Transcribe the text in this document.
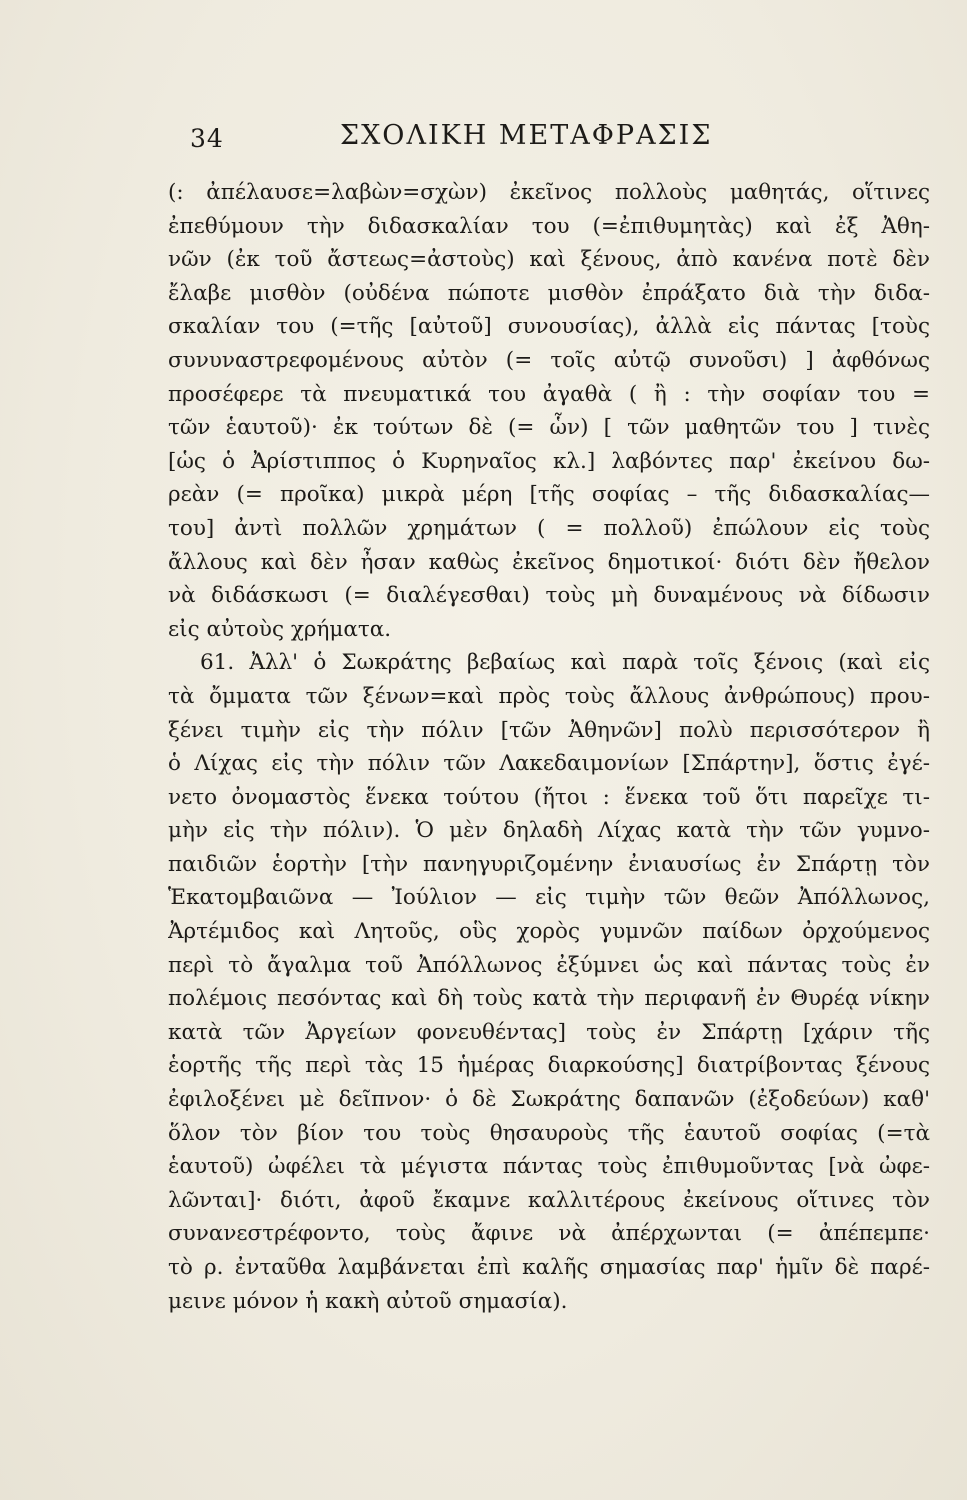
34	ΣΧΟΛΙΚΗ ΜΕΤΑΦΡΑΣΙΣ
(: ἀπέλαυσε=λαβὼν=σχὼν) ἐκεῖνος πολλοὺς μαθητάς, οἵτινες
ἐπεθύμουν τὴν διδασκαλίαν του (=ἐπιθυμητὰς) καὶ ἐξ Ἀθη-
νῶν (ἐκ τοῦ ἄστεως=ἀστοὺς) καὶ ξένους, ἀπὸ κανένα ποτὲ δὲν
ἔλαβε μισθὸν (οὐδένα πώποτε μισθὸν ἐπράξατο διὰ τὴν διδα-
σκαλίαν του (=τῆς [αὐτοῦ] συνουσίας), ἀλλὰ εἰς πάντας [τοὺς
συνυναστρεφομένους αὐτὸν (= τοῖς αὐτῷ συνοῦσι) ] ἀφθόνως
προσέφερε τὰ πνευματικά του ἀγαθὰ ( ἢ : τὴν σοφίαν του =
τῶν ἑαυτοῦ)· ἐκ τούτων δὲ (= ὧν) [ τῶν μαθητῶν του ] τινὲς
[ὡς ὁ Ἀρίστιππος ὁ Κυρηναῖος κλ.] λαβόντες παρ' ἐκείνου δω-
ρεὰν (= προῖκα) μικρὰ μέρη [τῆς σοφίας – τῆς διδασκαλίας—
του] ἀντὶ πολλῶν χρημάτων ( = πολλοῦ) ἐπώλουν εἰς τοὺς
ἄλλους καὶ δὲν ἦσαν καθὼς ἐκεῖνος δημοτικοί· διότι δὲν ἤθελον
νὰ διδάσκωσι (= διαλέγεσθαι) τοὺς μὴ δυναμένους νὰ δίδωσιν
εἰς αὐτοὺς χρήματα.
61. Ἀλλ' ὁ Σωκράτης βεβαίως καὶ παρὰ τοῖς ξένοις (καὶ εἰς
τὰ ὄμματα τῶν ξένων=καὶ πρὸς τοὺς ἄλλους ἀνθρώπους) πρου-
ξένει τιμὴν εἰς τὴν πόλιν [τῶν Ἀθηνῶν] πολὺ περισσότερον ἢ
ὁ Λίχας εἰς τὴν πόλιν τῶν Λακεδαιμονίων [Σπάρτην], ὅστις ἐγέ-
νετο ὀνομαστὸς ἕνεκα τούτου (ἤτοι : ἕνεκα τοῦ ὅτι παρεῖχε τι-
μὴν εἰς τὴν πόλιν). Ὁ μὲν δηλαδὴ Λίχας κατὰ τὴν τῶν γυμνο-
παιδιῶν ἑορτὴν [τὴν πανηγυριζομένην ἐνιαυσίως ἐν Σπάρτῃ τὸν
Ἑκατομβαιῶνα — Ἰούλιον — εἰς τιμὴν τῶν θεῶν Ἀπόλλωνος,
Ἀρτέμιδος καὶ Λητοῦς, οὓς χορὸς γυμνῶν παίδων ὀρχούμενος
περὶ τὸ ἄγαλμα τοῦ Ἀπόλλωνος ἐξύμνει ὡς καὶ πάντας τοὺς ἐν
πολέμοις πεσόντας καὶ δὴ τοὺς κατὰ τὴν περιφανῆ ἐν Θυρέᾳ νίκην
κατὰ τῶν Ἀργείων φονευθέντας] τοὺς ἐν Σπάρτῃ [χάριν τῆς
ἑορτῆς τῆς περὶ τὰς 15 ἡμέρας διαρκούσης] διατρίβοντας ξένους
ἐφιλοξένει μὲ δεῖπνον· ὁ δὲ Σωκράτης δαπανῶν (ἐξοδεύων) καθ'
ὅλον τὸν βίον του τοὺς θησαυροὺς τῆς ἑαυτοῦ σοφίας (=τὰ
ἑαυτοῦ) ὠφέλει τὰ μέγιστα πάντας τοὺς ἐπιθυμοῦντας [νὰ ὠφε-
λῶνται]· διότι, ἀφοῦ ἔκαμνε καλλιτέρους ἐκείνους οἵτινες τὸν
συνανεστρέφοντο, τοὺς ἄφινε νὰ ἀπέρχωνται (= ἀπέπεμπε·
τὸ ρ. ἐνταῦθα λαμβάνεται ἐπὶ καλῆς σημασίας παρ' ἡμῖν δὲ παρέ-
μεινε μόνον ἡ κακὴ αὐτοῦ σημασία).
